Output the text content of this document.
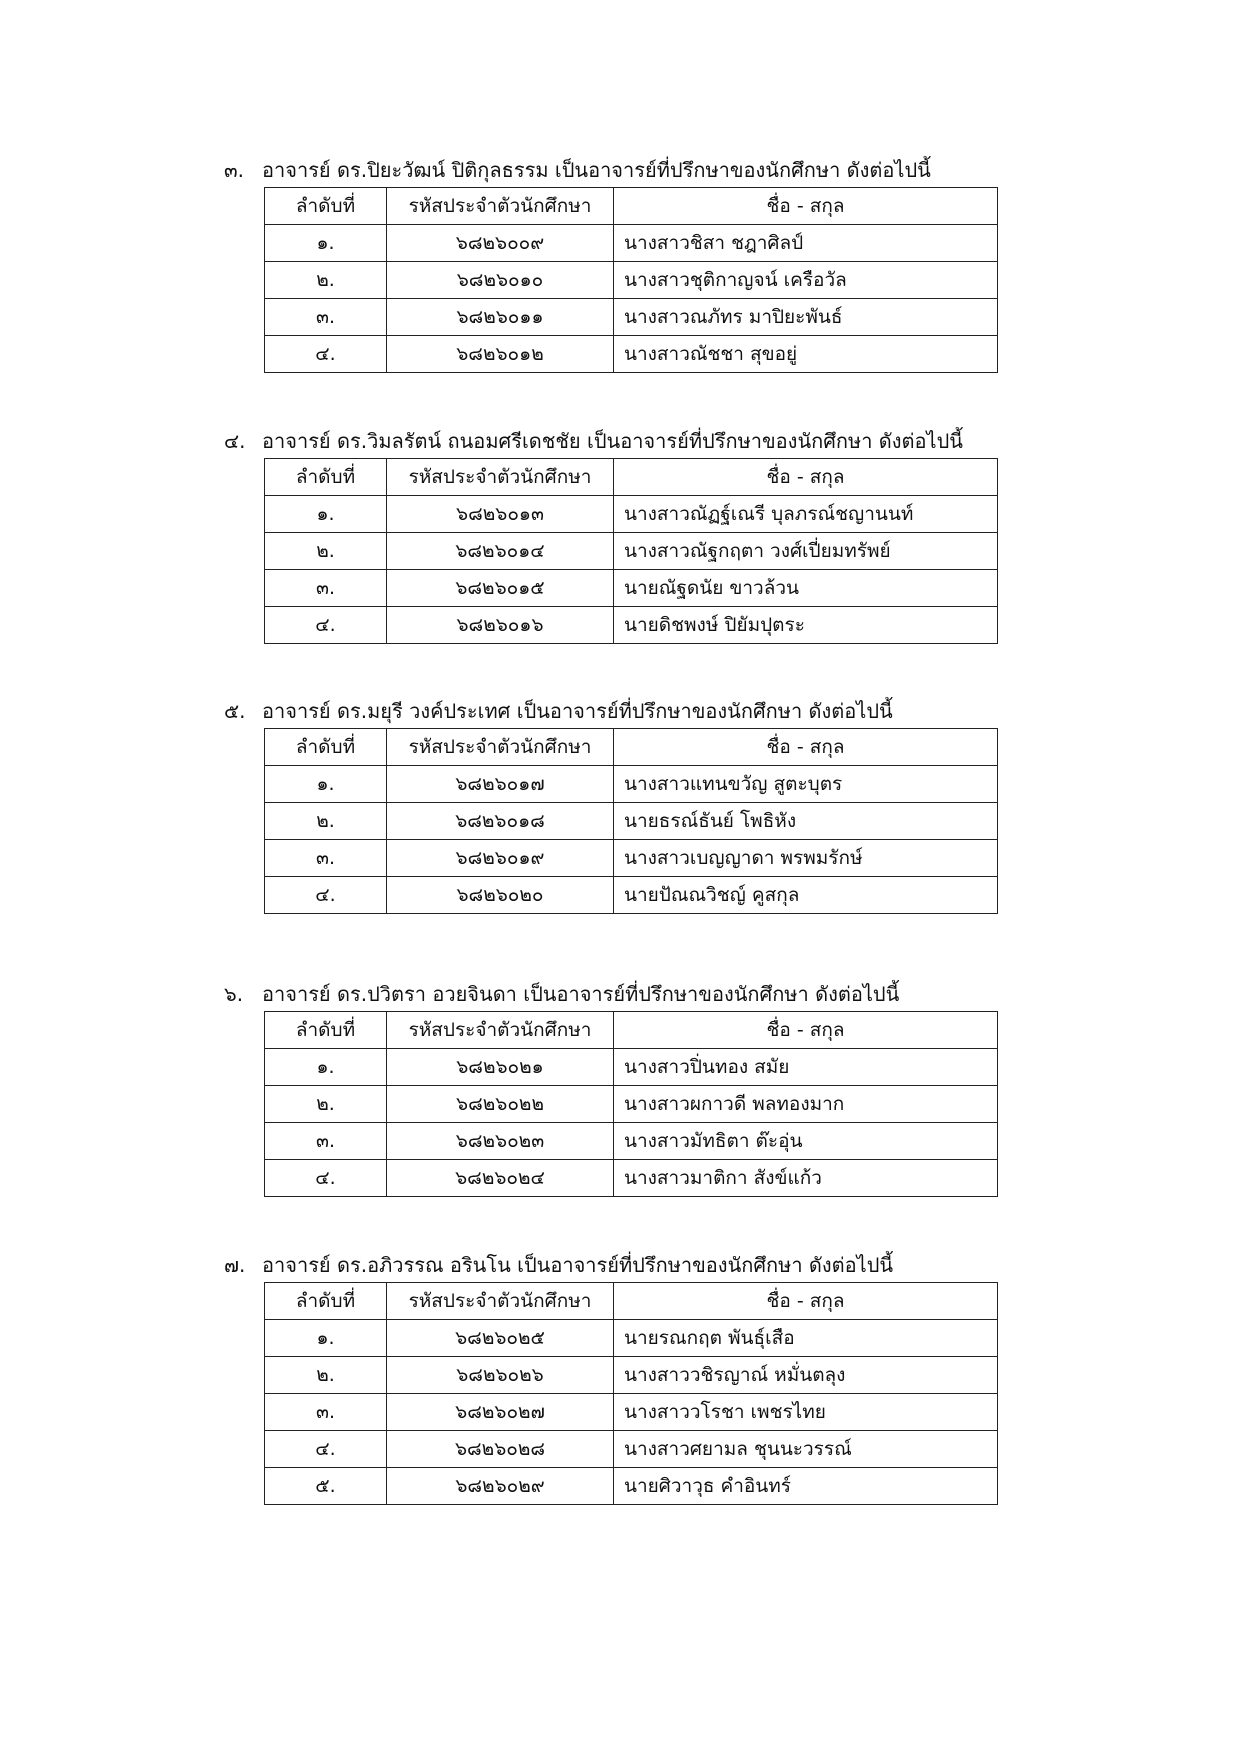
๓. อาจารย์ ดร.ปิยะวัฒน์ ปิติกุลธรรม เป็นอาจารย์ที่ปรึกษาของนักศึกษา ดังต่อไปนี้
ลำดับที่	รหัสประจำตัวนักศึกษา	ชื่อ - สกุล
๑.	๖๘๒๖๐๐๙	นางสาวชิสา ชฎาศิลป์
๒.	๖๘๒๖๐๑๐	นางสาวชุติกาญจน์ เครือวัล
๓.	๖๘๒๖๐๑๑	นางสาวณภัทร มาปิยะพันธ์
๔.	๖๘๒๖๐๑๒	นางสาวณัชชา สุขอยู่
๔. อาจารย์ ดร.วิมลรัตน์ ถนอมศรีเดชชัย เป็นอาจารย์ที่ปรึกษาของนักศึกษา ดังต่อไปนี้
ลำดับที่	รหัสประจำตัวนักศึกษา	ชื่อ - สกุล
๑.	๖๘๒๖๐๑๓	นางสาวณัฏฐ์เณรี บุลภรณ์ชญานนท์
๒.	๖๘๒๖๐๑๔	นางสาวณัฐกฤตา วงศ์เปี่ยมทรัพย์
๓.	๖๘๒๖๐๑๕	นายณัฐดนัย ขาวล้วน
๔.	๖๘๒๖๐๑๖	นายดิชพงษ์ ปิยัมปุตระ
๕. อาจารย์ ดร.มยุรี วงค์ประเทศ เป็นอาจารย์ที่ปรึกษาของนักศึกษา ดังต่อไปนี้
ลำดับที่	รหัสประจำตัวนักศึกษา	ชื่อ - สกุล
๑.	๖๘๒๖๐๑๗	นางสาวแทนขวัญ สูตะบุตร
๒.	๖๘๒๖๐๑๘	นายธรณ์ธันย์ โพธิหัง
๓.	๖๘๒๖๐๑๙	นางสาวเบญญาดา พรพมรักษ์
๔.	๖๘๒๖๐๒๐	นายปัณณวิชญ์ คูสกุล
๖. อาจารย์ ดร.ปวิตรา อวยจินดา เป็นอาจารย์ที่ปรึกษาของนักศึกษา ดังต่อไปนี้
ลำดับที่	รหัสประจำตัวนักศึกษา	ชื่อ - สกุล
๑.	๖๘๒๖๐๒๑	นางสาวปิ่นทอง สมัย
๒.	๖๘๒๖๐๒๒	นางสาวผกาวดี พลทองมาก
๓.	๖๘๒๖๐๒๓	นางสาวมัทธิตา ต๊ะอุ่น
๔.	๖๘๒๖๐๒๔	นางสาวมาติกา สังข์แก้ว
๗. อาจารย์ ดร.อภิวรรณ อรินโน เป็นอาจารย์ที่ปรึกษาของนักศึกษา ดังต่อไปนี้
ลำดับที่	รหัสประจำตัวนักศึกษา	ชื่อ - สกุล
๑.	๖๘๒๖๐๒๕	นายรณกฤต พันธุ์เสือ
๒.	๖๘๒๖๐๒๖	นางสาววชิรญาณ์ หมั่นตลุง
๓.	๖๘๒๖๐๒๗	นางสาววโรชา เพชรไทย
๔.	๖๘๒๖๐๒๘	นางสาวศยามล ชุนนะวรรณ์
๕.	๖๘๒๖๐๒๙	นายศิวาวุธ คำอินทร์
